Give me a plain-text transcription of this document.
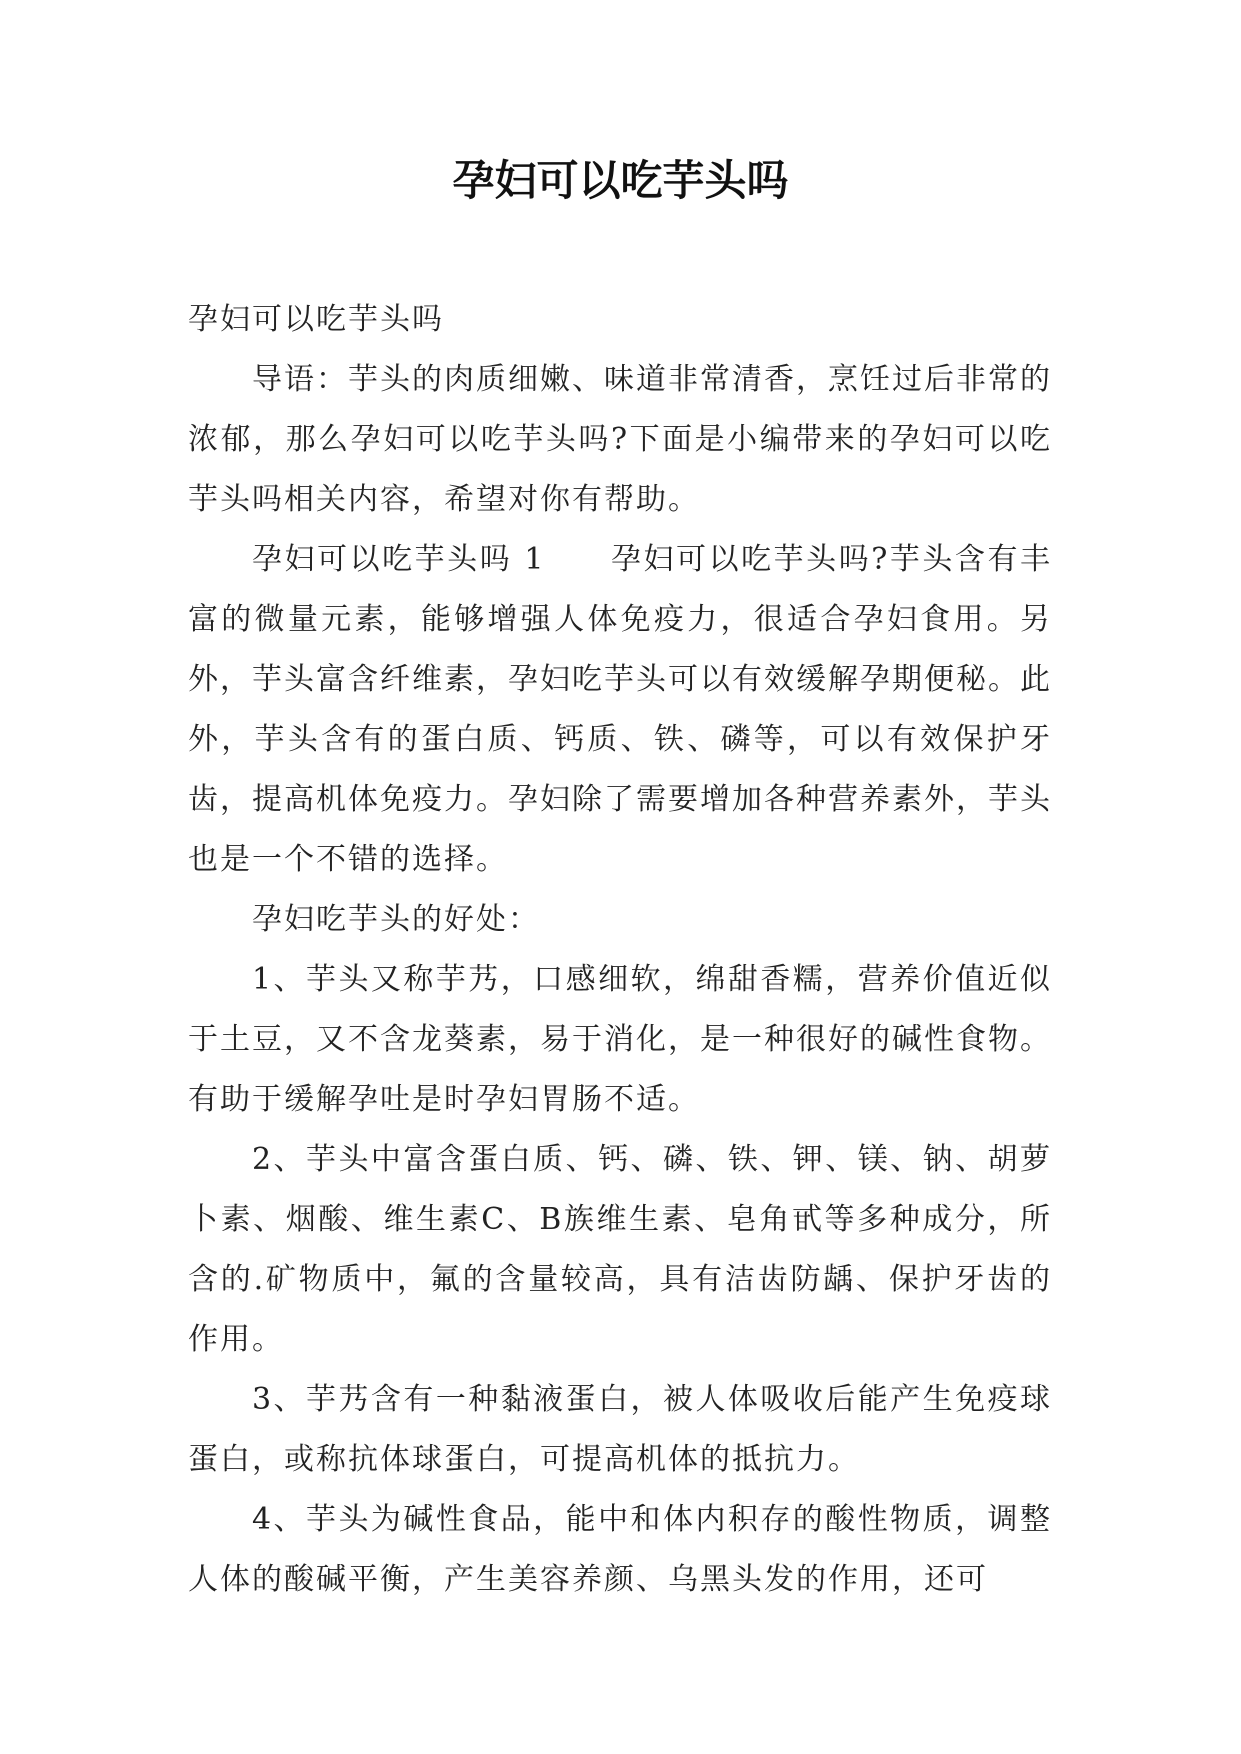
孕妇可以吃芋头吗

孕妇可以吃芋头吗

导语：芋头的肉质细嫩、味道非常清香，烹饪过后非常的浓郁，那么孕妇可以吃芋头吗?下面是小编带来的孕妇可以吃芋头吗相关内容，希望对你有帮助。

孕妇可以吃芋头吗 1　　孕妇可以吃芋头吗?芋头含有丰富的微量元素，能够增强人体免疫力，很适合孕妇食用。另外，芋头富含纤维素，孕妇吃芋头可以有效缓解孕期便秘。此外，芋头含有的蛋白质、钙质、铁、磷等，可以有效保护牙齿，提高机体免疫力。孕妇除了需要增加各种营养素外，芋头也是一个不错的选择。

孕妇吃芋头的好处：

1、芋头又称芋艿，口感细软，绵甜香糯，营养价值近似于土豆，又不含龙葵素，易于消化，是一种很好的碱性食物。有助于缓解孕吐是时孕妇胃肠不适。

2、芋头中富含蛋白质、钙、磷、铁、钾、镁、钠、胡萝卜素、烟酸、维生素C、B族维生素、皂角甙等多种成分，所含的.矿物质中，氟的含量较高，具有洁齿防龋、保护牙齿的作用。

3、芋艿含有一种黏液蛋白，被人体吸收后能产生免疫球蛋白，或称抗体球蛋白，可提高机体的抵抗力。

4、芋头为碱性食品，能中和体内积存的酸性物质，调整人体的酸碱平衡，产生美容养颜、乌黑头发的作用，还可
